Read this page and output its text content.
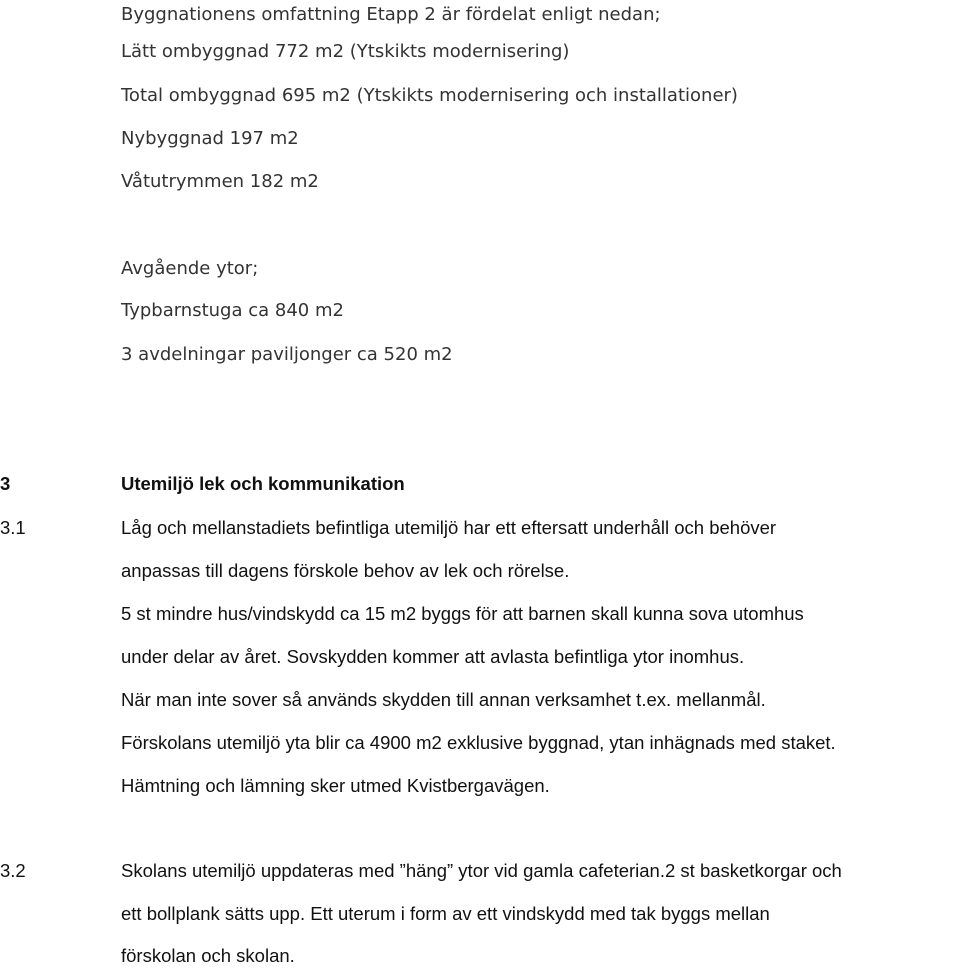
Byggnationens omfattning Etapp 2 är fördelat enligt nedan;
Lätt ombyggnad 772 m2 (Ytskikts modernisering)
Total ombyggnad 695 m2 (Ytskikts modernisering och installationer)
Nybyggnad 197 m2
Våtutrymmen 182 m2
Avgående ytor;
Typbarnstuga ca 840 m2
3 avdelningar paviljonger ca 520 m2
3	Utemiljö lek och kommunikation
3.1	Låg och mellanstadiets befintliga utemiljö har ett eftersatt underhåll och behöver
anpassas till dagens förskole behov av lek och rörelse.
5 st mindre hus/vindskydd ca 15 m2 byggs för att barnen skall kunna sova utomhus
under delar av året. Sovskydden kommer att avlasta befintliga ytor inomhus.
När man inte sover så används skydden till annan verksamhet t.ex. mellanmål.
Förskolans utemiljö yta blir ca 4900 m2 exklusive byggnad, ytan inhägnads med staket.
Hämtning och lämning sker utmed Kvistbergavägen.
3.2	Skolans utemiljö uppdateras med ”häng” ytor vid gamla cafeterian.2 st basketkorgar och
ett bollplank sätts upp. Ett uterum i form av ett vindskydd med tak byggs mellan
förskolan och skolan.
